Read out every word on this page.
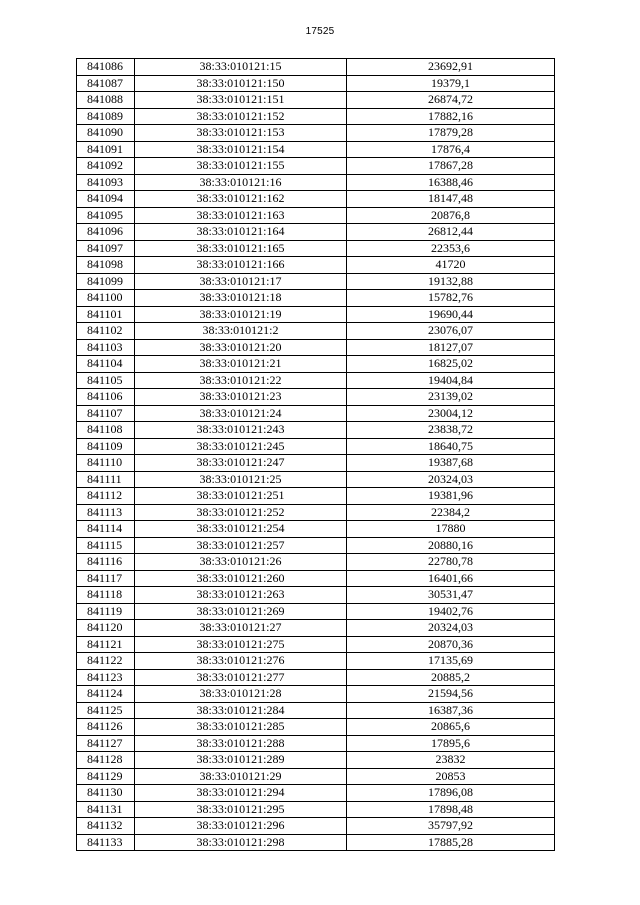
17525
841086	38:33:010121:15	23692,91
841087	38:33:010121:150	19379,1
841088	38:33:010121:151	26874,72
841089	38:33:010121:152	17882,16
841090	38:33:010121:153	17879,28
841091	38:33:010121:154	17876,4
841092	38:33:010121:155	17867,28
841093	38:33:010121:16	16388,46
841094	38:33:010121:162	18147,48
841095	38:33:010121:163	20876,8
841096	38:33:010121:164	26812,44
841097	38:33:010121:165	22353,6
841098	38:33:010121:166	41720
841099	38:33:010121:17	19132,88
841100	38:33:010121:18	15782,76
841101	38:33:010121:19	19690,44
841102	38:33:010121:2	23076,07
841103	38:33:010121:20	18127,07
841104	38:33:010121:21	16825,02
841105	38:33:010121:22	19404,84
841106	38:33:010121:23	23139,02
841107	38:33:010121:24	23004,12
841108	38:33:010121:243	23838,72
841109	38:33:010121:245	18640,75
841110	38:33:010121:247	19387,68
841111	38:33:010121:25	20324,03
841112	38:33:010121:251	19381,96
841113	38:33:010121:252	22384,2
841114	38:33:010121:254	17880
841115	38:33:010121:257	20880,16
841116	38:33:010121:26	22780,78
841117	38:33:010121:260	16401,66
841118	38:33:010121:263	30531,47
841119	38:33:010121:269	19402,76
841120	38:33:010121:27	20324,03
841121	38:33:010121:275	20870,36
841122	38:33:010121:276	17135,69
841123	38:33:010121:277	20885,2
841124	38:33:010121:28	21594,56
841125	38:33:010121:284	16387,36
841126	38:33:010121:285	20865,6
841127	38:33:010121:288	17895,6
841128	38:33:010121:289	23832
841129	38:33:010121:29	20853
841130	38:33:010121:294	17896,08
841131	38:33:010121:295	17898,48
841132	38:33:010121:296	35797,92
841133	38:33:010121:298	17885,28
